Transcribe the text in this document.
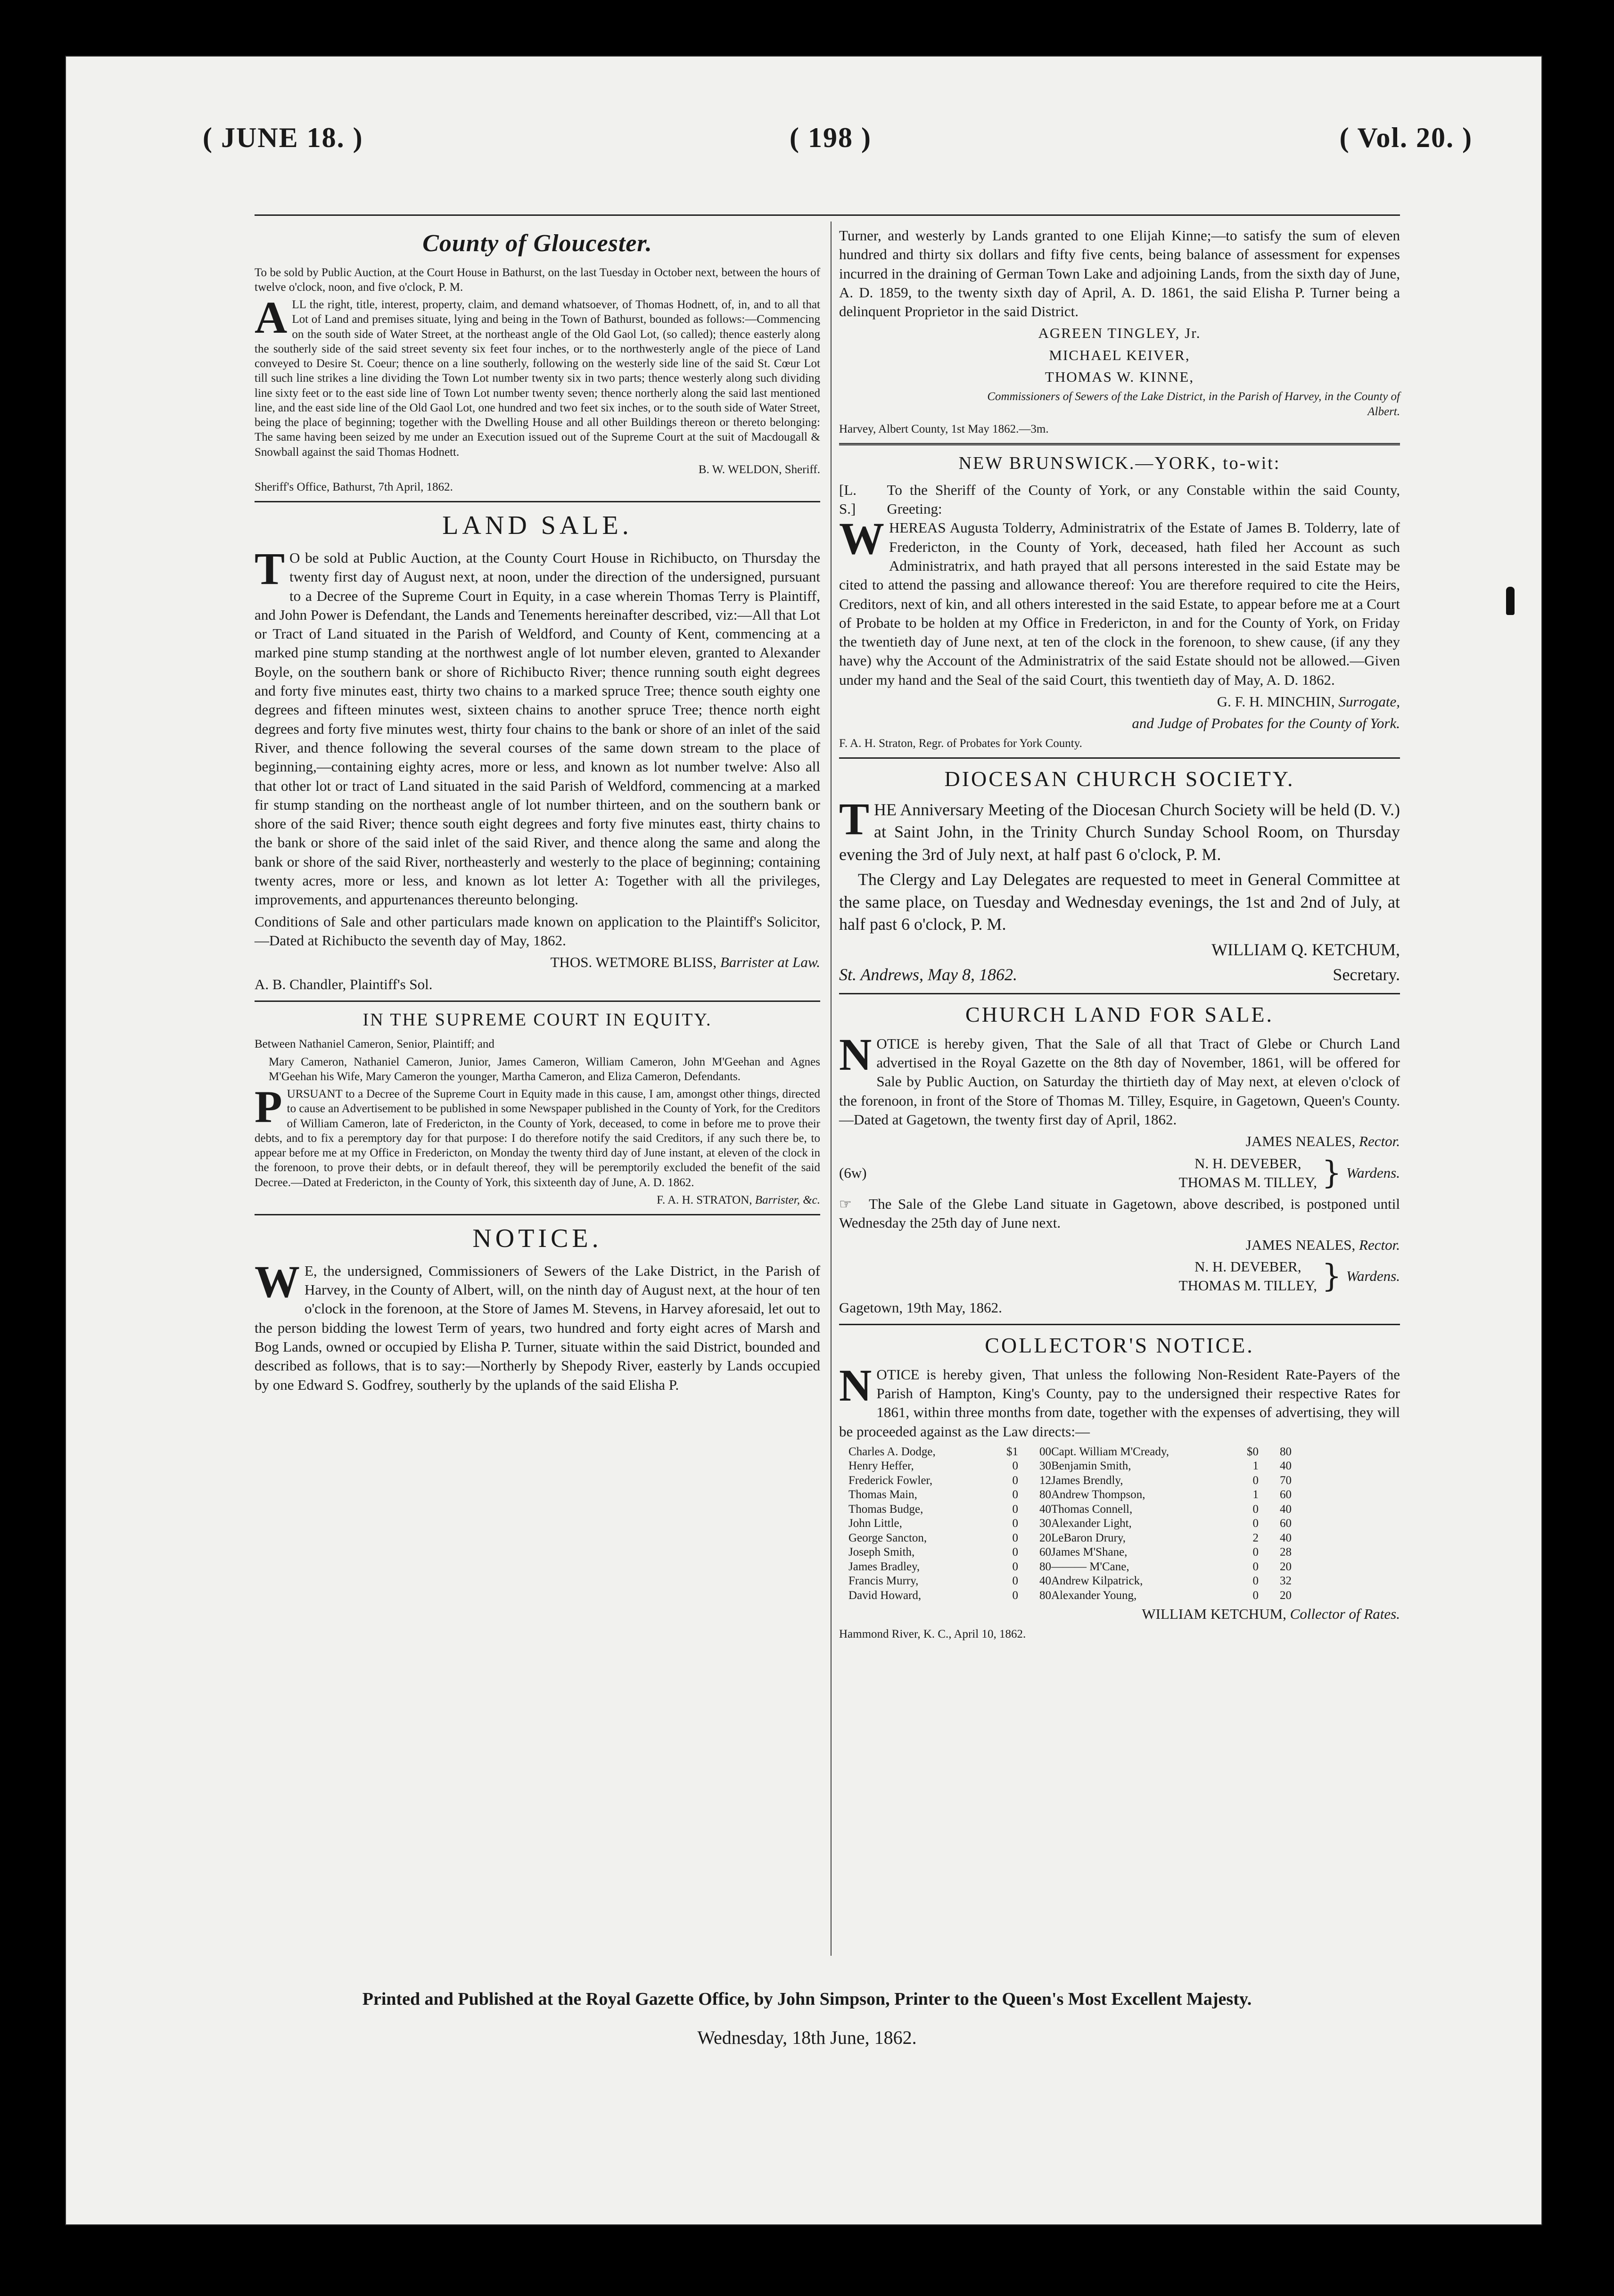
( JUNE 18. )	( 198 )	( Vol. 20. )
County of Gloucester.

To be sold by Public Auction, at the Court House in Bathurst, on the last Tuesday in October next, between the hours of twelve o'clock, noon, and five o'clock, P. M.

ALL the right, title, interest, property, claim, and demand whatsoever, of Thomas Hodnett, of, in, and to all that Lot of Land and premises situate, lying and being in the Town of Bathurst, bounded as follows:—Commencing on the south side of Water Street, at the northeast angle of the Old Gaol Lot, (so called); thence easterly along the southerly side of the said street seventy six feet four inches, or to the northwesterly angle of the piece of Land conveyed to Desire St. Coeur; thence on a line southerly, following on the westerly side line of the said St. Cœur Lot till such line strikes a line dividing the Town Lot number twenty six in two parts; thence westerly along such dividing line sixty feet or to the east side line of Town Lot number twenty seven; thence northerly along the said last mentioned line, and the east side line of the Old Gaol Lot, one hundred and two feet six inches, or to the south side of Water Street, being the place of beginning; together with the Dwelling House and all other Buildings thereon or thereto belonging: The same having been seized by me under an Execution issued out of the Supreme Court at the suit of Macdougall & Snowball against the said Thomas Hodnett.

B. W. WELDON, Sheriff.

Sheriff's Office, Bathurst, 7th April, 1862.

LAND SALE.

T O be sold at Public Auction, at the County Court House in Richibucto, on Thursday the twenty first day of August next, at noon, under the direction of the undersigned, pursuant to a Decree of the Supreme Court in Equity, in a case wherein Thomas Terry is Plaintiff, and John Power is Defendant, the Lands and Tenements hereinafter described, viz:—All that Lot or Tract of Land situated in the Parish of Weldford, and County of Kent, commencing at a marked pine stump standing at the northwest angle of lot number eleven, granted to Alexander Boyle, on the southern bank or shore of Richibucto River; thence running south eight degrees and forty five minutes east, thirty two chains to a marked spruce Tree; thence south eighty one degrees and fifteen minutes west, sixteen chains to another spruce Tree; thence north eight degrees and forty five minutes west, thirty four chains to the bank or shore of an inlet of the said River, and thence following the several courses of the same down stream to the place of beginning,—containing eighty acres, more or less, and known as lot number twelve: Also all that other lot or tract of Land situated in the said Parish of Weldford, commencing at a marked fir stump standing on the northeast angle of lot number thirteen, and on the southern bank or shore of the said River; thence south eight degrees and forty five minutes east, thirty chains to the bank or shore of the said inlet of the said River, and thence along the same and along the bank or shore of the said River, northeasterly and westerly to the place of beginning; containing twenty acres, more or less, and known as lot letter A: Together with all the privileges, improvements, and appurtenances thereunto belonging.

Conditions of Sale and other particulars made known on application to the Plaintiff's Solicitor,—Dated at Richibucto the seventh day of May, 1862.

THOS. WETMORE BLISS, Barrister at Law.

A. B. Chandler, Plaintiff's Sol.

IN THE SUPREME COURT IN EQUITY.

Between Nathaniel Cameron, Senior, Plaintiff; and

Mary Cameron, Nathaniel Cameron, Junior, James Cameron, William Cameron, John M'Geehan and Agnes M'Geehan his Wife, Mary Cameron the younger, Martha Cameron, and Eliza Cameron, Defendants.

PURSUANT to a Decree of the Supreme Court in Equity made in this cause, I am, amongst other things, directed to cause an Advertisement to be published in some Newspaper published in the County of York, for the Creditors of William Cameron, late of Fredericton, in the County of York, deceased, to come in before me to prove their debts, and to fix a peremptory day for that purpose: I do therefore notify the said Creditors, if any such there be, to appear before me at my Office in Fredericton, on Monday the twenty third day of June instant, at eleven of the clock in the forenoon, to prove their debts, or in default thereof, they will be peremptorily excluded the benefit of the said Decree.—Dated at Fredericton, in the County of York, this sixteenth day of June, A. D. 1862.

F. A. H. STRATON, Barrister, &c.

NOTICE.

W E, the undersigned, Commissioners of Sewers of the Lake District, in the Parish of Harvey, in the County of Albert, will, on the ninth day of August next, at the hour of ten o'clock in the forenoon, at the Store of James M. Stevens, in Harvey aforesaid, let out to the person bidding the lowest Term of years, two hundred and forty eight acres of Marsh and Bog Lands, owned or occupied by Elisha P. Turner, situate within the said District, bounded and described as follows, that is to say:—Northerly by Shepody River, easterly by Lands occupied by one Edward S. Godfrey, southerly by the uplands of the said Elisha P.

Turner, and westerly by Lands granted to one Elijah Kinne;—to satisfy the sum of eleven hundred and thirty six dollars and fifty five cents, being balance of assessment for expenses incurred in the draining of German Town Lake and adjoining Lands, from the sixth day of June, A. D. 1859, to the twenty sixth day of April, A. D. 1861, the said Elisha P. Turner being a delinquent Proprietor in the said District.

AGREEN TINGLEY, Jr.

MICHAEL KEIVER,

THOMAS W. KINNE,

Commissioners of Sewers of the Lake District, in the Parish of Harvey, in the County of Albert.

Harvey, Albert County, 1st May 1862.—3m.

NEW BRUNSWICK.—YORK, to-wit:
[L. S.]
To the Sheriff of the County of York, or any Constable within the said County, Greeting:

WHEREAS Augusta Tolderry, Administratrix of the Estate of James B. Tolderry, late of Fredericton, in the County of York, deceased, hath filed her Account as such Administratrix, and hath prayed that all persons interested in the said Estate may be cited to attend the passing and allowance thereof: You are therefore required to cite the Heirs, Creditors, next of kin, and all others interested in the said Estate, to appear before me at a Court of Probate to be holden at my Office in Fredericton, in and for the County of York, on Friday the twentieth day of June next, at ten of the clock in the forenoon, to shew cause, (if any they have) why the Account of the Administratrix of the said Estate should not be allowed.—Given under my hand and the Seal of the said Court, this twentieth day of May, A. D. 1862.

G. F. H. MINCHIN, Surrogate,

and Judge of Probates for the County of York.

F. A. H. Straton, Regr. of Probates for York County.

DIOCESAN CHURCH SOCIETY.

THE Anniversary Meeting of the Diocesan Church Society will be held (D. V.) at Saint John, in the Trinity Church Sunday School Room, on Thursday evening the 3rd of July next, at half past 6 o'clock, P. M.

The Clergy and Lay Delegates are requested to meet in General Committee at the same place, on Tuesday and Wednesday evenings, the 1st and 2nd of July, at half past 6 o'clock, P. M.

WILLIAM Q. KETCHUM,

St. Andrews, May 8, 1862.	Secretary.
CHURCH LAND FOR SALE.

NOTICE is hereby given, That the Sale of all that Tract of Glebe or Church Land advertised in the Royal Gazette on the 8th day of November, 1861, will be offered for Sale by Public Auction, on Saturday the thirtieth day of May next, at eleven o'clock of the forenoon, in front of the Store of Thomas M. Tilley, Esquire, in Gagetown, Queen's County.—Dated at Gagetown, the twenty first day of April, 1862.

JAMES NEALES, Rector.

(6w)
N. H. DEVEBER,
THOMAS M. TILLEY, } Wardens.

☞ The Sale of the Glebe Land situate in Gagetown, above described, is postponed until Wednesday the 25th day of June next.

JAMES NEALES, Rector.

N. H. DEVEBER,
THOMAS M. TILLEY, } Wardens.

Gagetown, 19th May, 1862.

COLLECTOR'S NOTICE.

NOTICE is hereby given, That unless the following Non-Resident Rate-Payers of the Parish of Hampton, King's County, pay to the undersigned their respective Rates for 1861, within three months from date, together with the expenses of advertising, they will be proceeded against as the Law directs:—

Charles A. Dodge,	$1	00 Capt. William M'Cready,	$0	80
Henry Heffer,	0	30 Benjamin Smith,	1	40
Frederick Fowler,	0	12 James Brendly,	0	70
Thomas Main,	0	80 Andrew Thompson,	1	60
Thomas Budge,	0	40 Thomas Connell,	0	40
John Little,	0	30 Alexander Light,	0	60
George Sancton,	0	20 LeBaron Drury,	2	40
Joseph Smith,	0	60 James M'Shane,	0	28
James Bradley,	0	80 ——— M'Cane,	0	20
Francis Murry,	0	40 Andrew Kilpatrick,	0	32
David Howard,	0	80 Alexander Young,	0	20

WILLIAM KETCHUM, Collector of Rates.

Hammond River, K. C., April 10, 1862.

Printed and Published at the Royal Gazette Office, by John Simpson, Printer to the Queen's Most Excellent Majesty.
Wednesday, 18th June, 1862.
